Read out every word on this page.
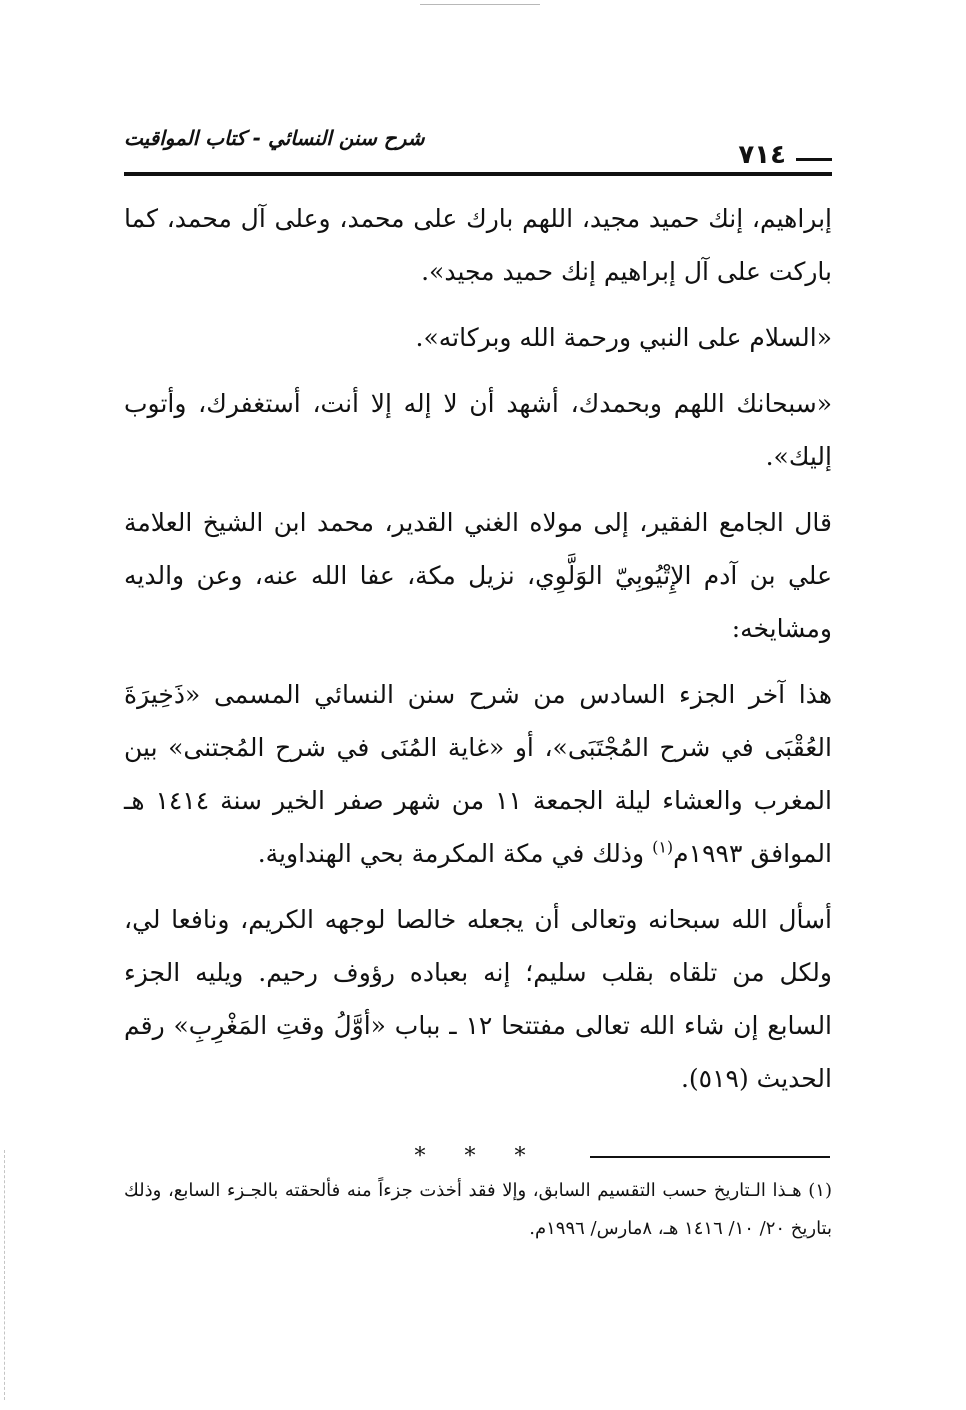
شرح سنن النسائي - كتاب المواقيت
٧١٤

إبراهيم، إنك حميد مجيد، اللهم بارك على محمد، وعلى آل محمد، كما باركت على آل إبراهيم إنك حميد مجيد».

«السلام على النبي ورحمة الله وبركاته».

«سبحانك اللهم وبحمدك، أشهد أن لا إله إلا أنت، أستغفرك، وأتوب إليك».

قال الجامع الفقير، إلى مولاه الغني القدير، محمد ابن الشيخ العلامة علي بن آدم الإِتْيُوبِيّ الوَلَّوِي، نزيل مكة، عفا الله عنه، وعن والديه ومشايخه:

هذا آخر الجزء السادس من شرح سنن النسائي المسمى «ذَخِيرَةَ العُقْبَى في شرح المُجْتَبَى»، أو «غاية المُنَى في شرح المُجتنى» بين المغرب والعشاء ليلة الجمعة ١١ من شهر صفر الخير سنة ١٤١٤ هـ الموافق ١٩٩٣م$^{(١)}$ وذلك في مكة المكرمة بحي الهنداوية.

أسأل الله سبحانه وتعالى أن يجعله خالصا لوجهه الكريم، ونافعا لي، ولكل من تلقاه بقلب سليم؛ إنه بعباده رؤوف رحيم. ويليه الجزء السابع إن شاء الله تعالى مفتتحا ١٢ ـ بباب «أوَّلُ وقتِ المَغْرِبِ» رقم الحديث (٥١٩).

* * *
(١) هـذا الـتاريخ حسب التقسيم السابق، وإلا فقد أخذت جزءاً منه فألحقته بالجـزء السابع، وذلك بتاريخ ٢٠/ ١٠/ ١٤١٦ هـ، ٨مارس/ ١٩٩٦م.
